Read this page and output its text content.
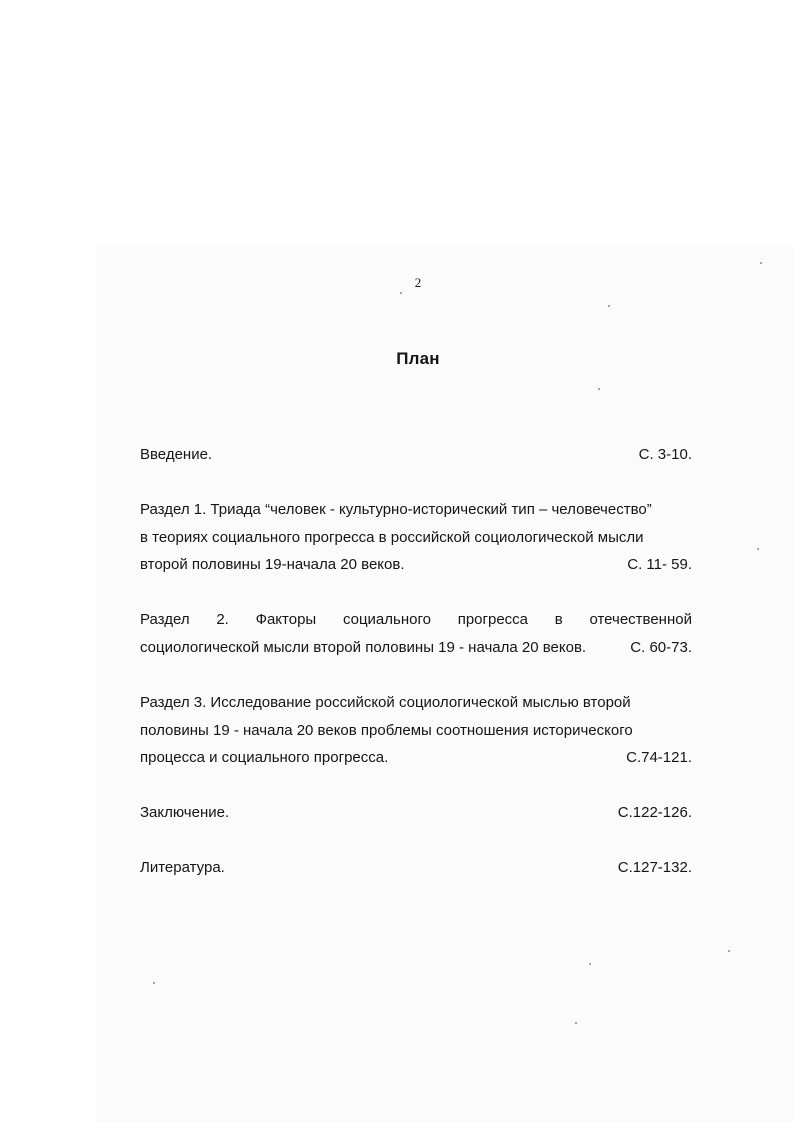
2
План
Введение.	С. 3-10.
Раздел 1. Триада “человек - культурно-исторический тип – человечество”
в теориях социального прогресса в российской социологической мысли
второй половины 19-начала 20 веков.	С. 11- 59.
Раздел 2. Факторы социального прогресса в отечественной
социологической мысли второй половины 19 - начала 20 веков.	С. 60-73.
Раздел 3. Исследование российской социологической мыслью второй
половины 19 - начала 20 веков проблемы соотношения исторического
процесса и социального прогресса.	С.74-121.
Заключение.	С.122-126.
Литература.	С.127-132.
